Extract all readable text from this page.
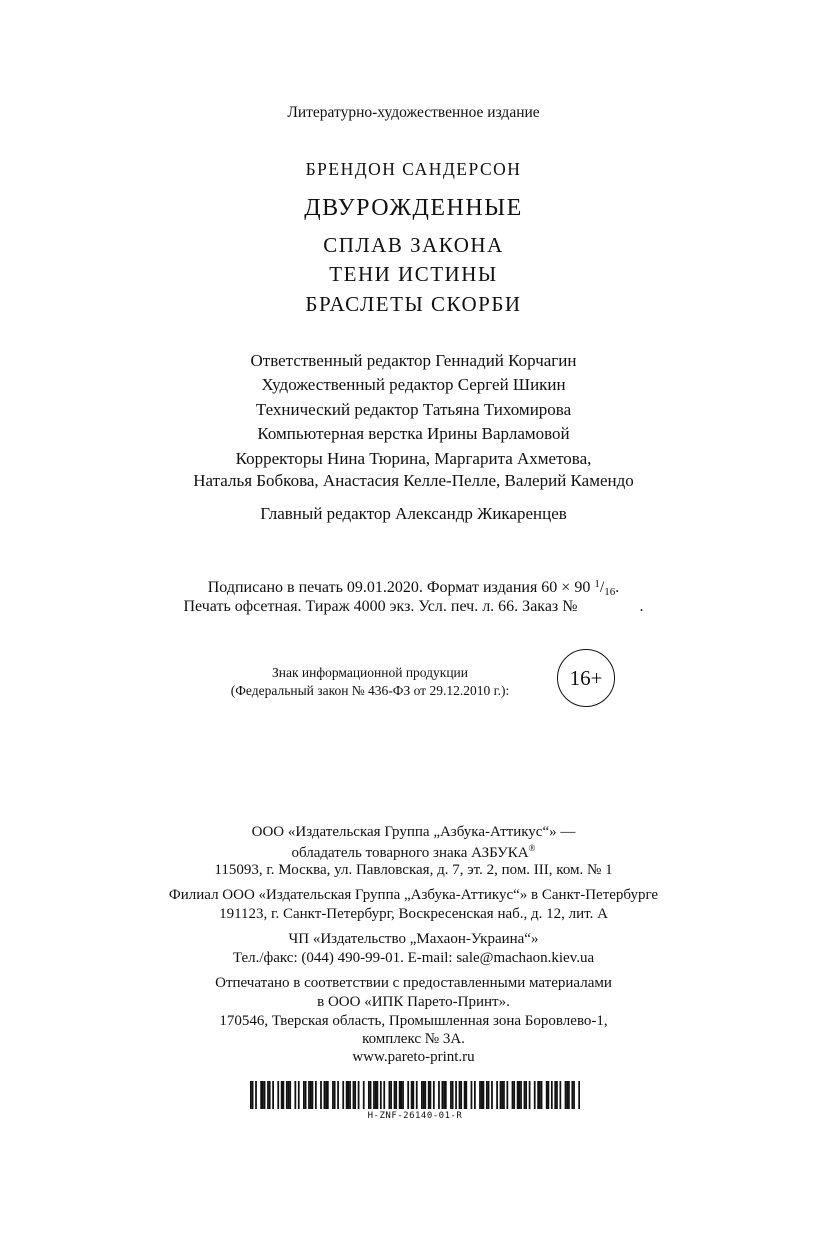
Литературно-художественное издание
БРЕНДОН САНДЕРСОН
ДВУРОЖДЕННЫЕ
СПЛАВ ЗАКОНА
ТЕНИ ИСТИНЫ
БРАСЛЕТЫ СКОРБИ
Ответственный редактор Геннадий Корчагин
Художественный редактор Сергей Шикин
Технический редактор Татьяна Тихомирова
Компьютерная верстка Ирины Варламовой
Корректоры Нина Тюрина, Маргарита Ахметова,
Наталья Бобкова, Анастасия Келле-Пелле, Валерий Камендо
Главный редактор Александр Жикаренцев
Подписано в печать 09.01.2020. Формат издания 60 × 90 $^1$/16.
Печать офсетная. Тираж 4000 экз. Усл. печ. л. 66. Заказ №	.
Знак информационной продукции
(Федеральный закон № 436-ФЗ от 29.12.2010 г.):
16+
ООО «Издательская Группа „Азбука-Аттикус“» —
обладатель товарного знака АЗБУКА®
115093, г. Москва, ул. Павловская, д. 7, эт. 2, пом. III, ком. № 1
Филиал ООО «Издательская Группа „Азбука-Аттикус“» в Санкт-Петербурге
191123, г. Санкт-Петербург, Воскресенская наб., д. 12, лит. А
ЧП «Издательство „Махаон-Украина“»
Тел./факс: (044) 490-99-01. E-mail: sale@machaon.kiev.ua
Отпечатано в соответствии с предоставленными материалами
в ООО «ИПК Парето-Принт».
170546, Тверская область, Промышленная зона Боровлево-1,
комплекс № 3А.
www.pareto-print.ru
H-ZNF-26140-01-R
